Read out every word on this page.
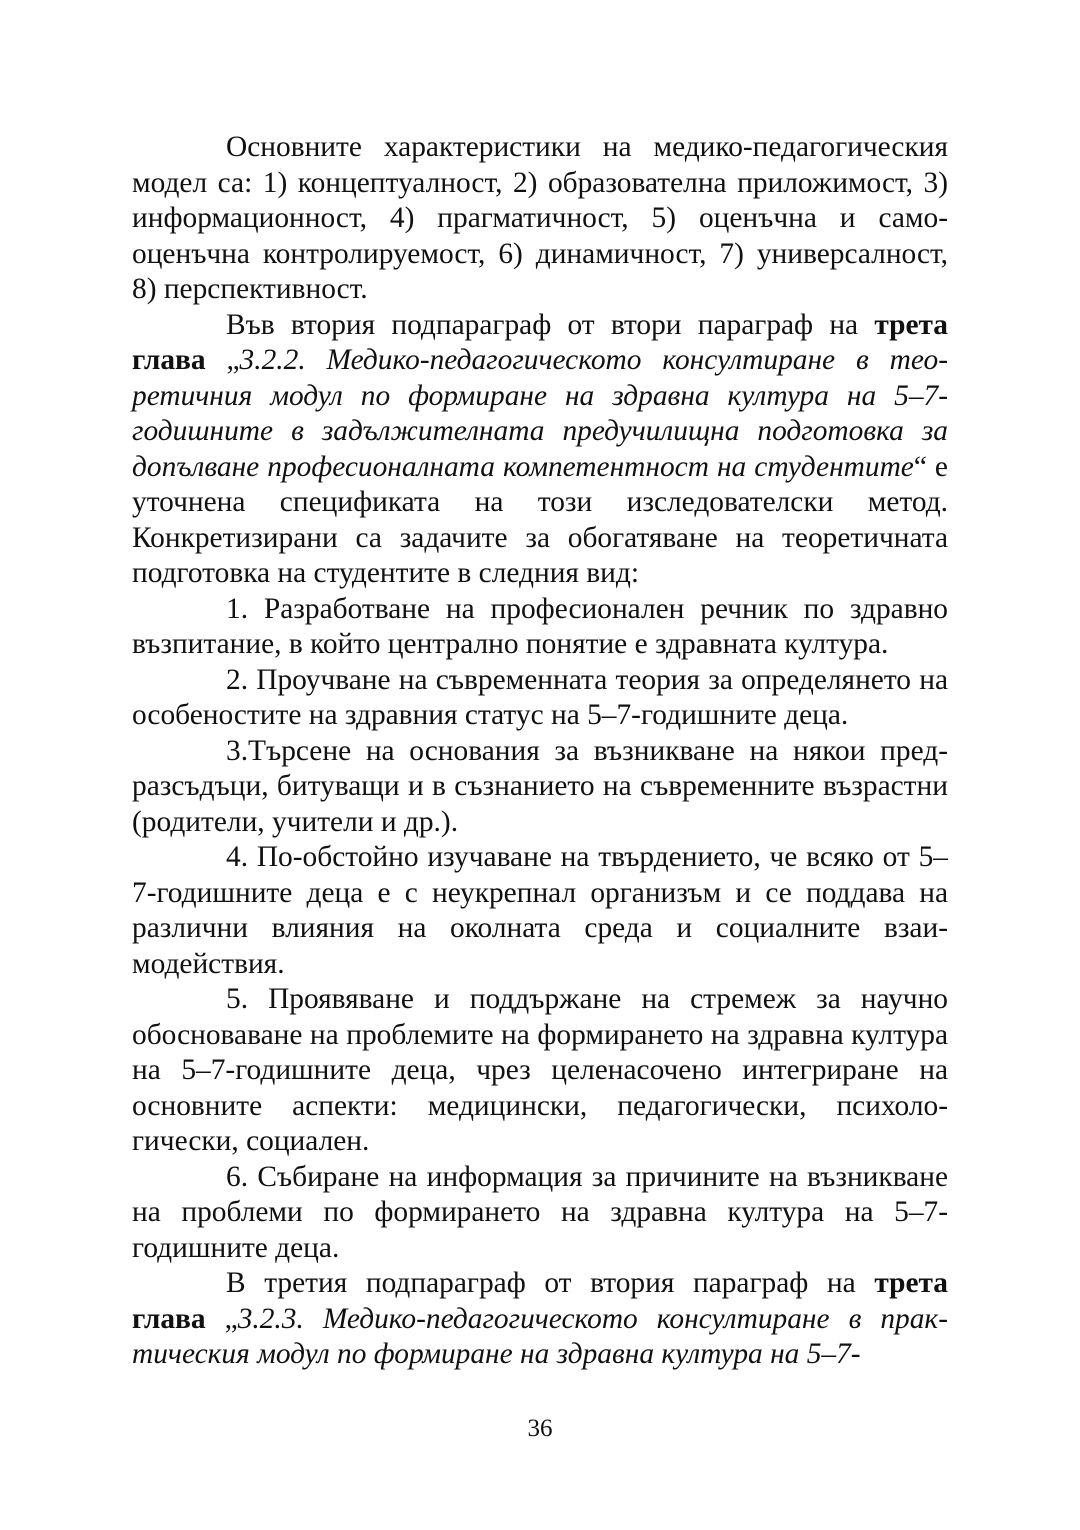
Основните характеристики на медико-педагогическия модел са: 1) концептуалност, 2) образователна приложимост, 3) информационност, 4) прагматичност, 5) оценъчна и самооценъчна контролируемост, 6) динамичност, 7) универсалност, 8) перспективност.

Във втория подпараграф от втори параграф на трета глава „3.2.2. Медико-педагогическото консултиране в теоретичния модул по формиране на здравна култура на 5–7-годишните в задължителната предучилищна подготовка за допълване професионалната компетентност на студентите“ е уточнена спецификата на този изследователски метод. Конкретизирани са задачите за обогатяване на теоретичната подготовка на студентите в следния вид:

1. Разработване на професионален речник по здравно възпитание, в който централно понятие е здравната култура.

2. Проучване на съвременната теория за определянето на особеностите на здравния статус на 5–7-годишните деца.

3.Търсене на основания за възникване на някои предразсъдъци, битуващи и в съзнанието на съвременните възрастни (родители, учители и др.).

4. По-обстойно изучаване на твърдението, че всяко от 5–7-годишните деца е с неукрепнал организъм и се поддава на различни влияния на околната среда и социалните взаимодействия.

5. Проявяване и поддържане на стремеж за научно обосноваване на проблемите на формирането на здравна култура на 5–7-годишните деца, чрез целенасочено интегриране на основните аспекти: медицински, педагогически, психологически, социален.

6. Събиране на информация за причините на възникване на проблеми по формирането на здравна култура на 5–7-годишните деца.

В третия подпараграф от втория параграф на трета глава „3.2.3. Медико-педагогическото консултиране в практическия модул по формиране на здравна култура на 5–7-

36
